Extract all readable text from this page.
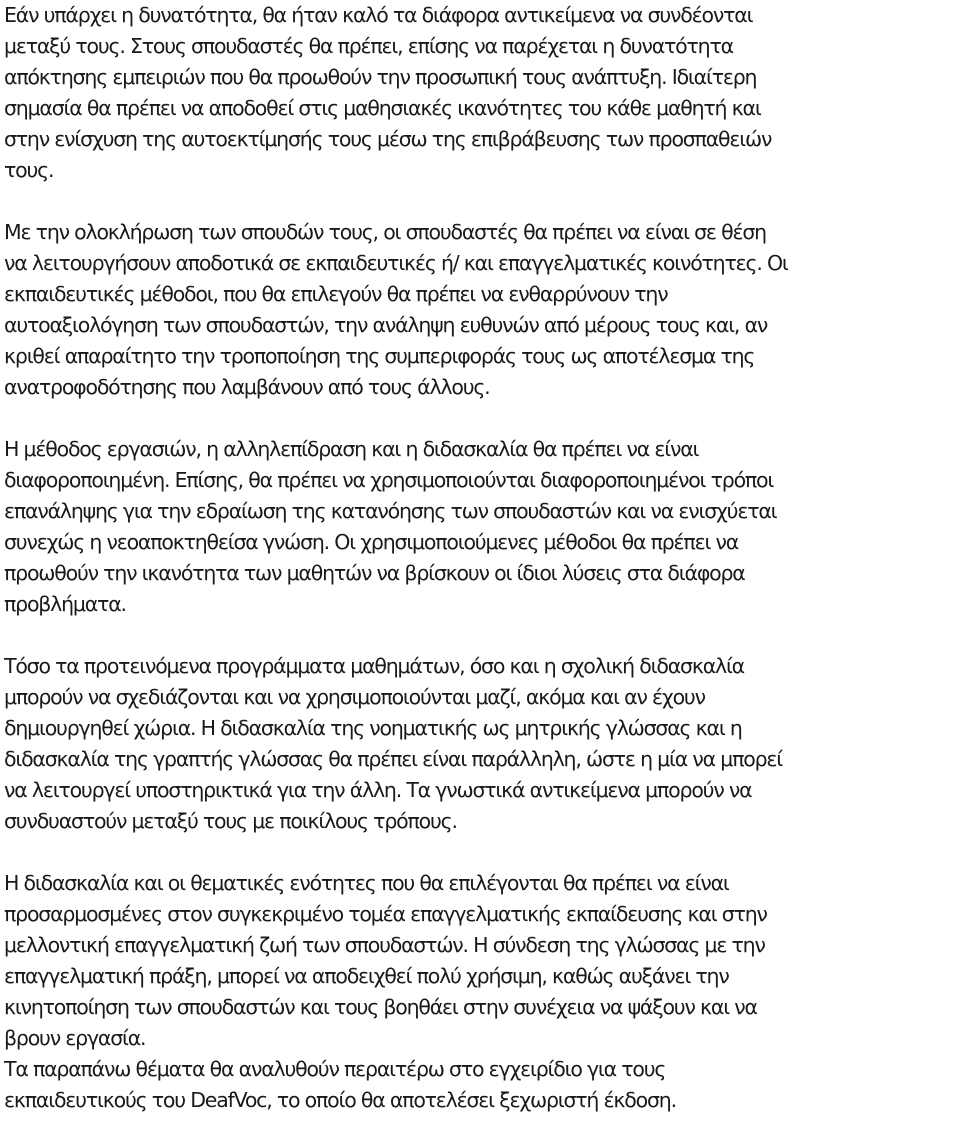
Εάν υπάρχει η δυνατότητα, θα ήταν καλό τα διάφορα αντικείμενα να συνδέονται
μεταξύ τους. Στους σπουδαστές θα πρέπει, επίσης να παρέχεται η δυνατότητα
απόκτησης εμπειριών που θα προωθούν την προσωπική τους ανάπτυξη. Ιδιαίτερη
σημασία θα πρέπει να αποδοθεί στις μαθησιακές ικανότητες του κάθε μαθητή και
στην ενίσχυση της αυτοεκτίμησής τους μέσω της επιβράβευσης των προσπαθειών
τους.
Με την ολοκλήρωση των σπουδών τους, οι σπουδαστές θα πρέπει να είναι σε θέση
να λειτουργήσουν αποδοτικά σε εκπαιδευτικές ή/ και επαγγελματικές κοινότητες. Οι
εκπαιδευτικές μέθοδοι, που θα επιλεγούν θα πρέπει να ενθαρρύνουν την
αυτοαξιολόγηση των σπουδαστών, την ανάληψη ευθυνών από μέρους τους και, αν
κριθεί απαραίτητο την τροποποίηση της συμπεριφοράς τους ως αποτέλεσμα της
ανατροφοδότησης που λαμβάνουν από τους άλλους.
Η μέθοδος εργασιών, η αλληλεπίδραση και η διδασκαλία θα πρέπει να είναι
διαφοροποιημένη. Επίσης, θα πρέπει να χρησιμοποιούνται διαφοροποιημένοι τρόποι
επανάληψης για την εδραίωση της κατανόησης των σπουδαστών και να ενισχύεται
συνεχώς η νεοαποκτηθείσα γνώση. Οι χρησιμοποιούμενες μέθοδοι θα πρέπει να
προωθούν την ικανότητα των μαθητών να βρίσκουν οι ίδιοι λύσεις στα διάφορα
προβλήματα.
Τόσο τα προτεινόμενα προγράμματα μαθημάτων, όσο και η σχολική διδασκαλία
μπορούν να σχεδιάζονται και να χρησιμοποιούνται μαζί, ακόμα και αν έχουν
δημιουργηθεί χώρια. Η διδασκαλία της νοηματικής ως μητρικής γλώσσας και η
διδασκαλία της γραπτής γλώσσας θα πρέπει είναι παράλληλη, ώστε η μία να μπορεί
να λειτουργεί υποστηρικτικά για την άλλη. Τα γνωστικά αντικείμενα μπορούν να
συνδυαστούν μεταξύ τους με ποικίλους τρόπους.
Η διδασκαλία και οι θεματικές ενότητες που θα επιλέγονται θα πρέπει να είναι
προσαρμοσμένες στον συγκεκριμένο τομέα επαγγελματικής εκπαίδευσης και στην
μελλοντική επαγγελματική ζωή των σπουδαστών. Η σύνδεση της γλώσσας με την
επαγγελματική πράξη, μπορεί να αποδειχθεί πολύ χρήσιμη, καθώς αυξάνει την
κινητοποίηση των σπουδαστών και τους βοηθάει στην συνέχεια να ψάξουν και να
βρουν εργασία.
Τα παραπάνω θέματα θα αναλυθούν περαιτέρω στο εγχειρίδιο για τους
εκπαιδευτικούς του DeafVoc, το οποίο θα αποτελέσει ξεχωριστή έκδοση.
